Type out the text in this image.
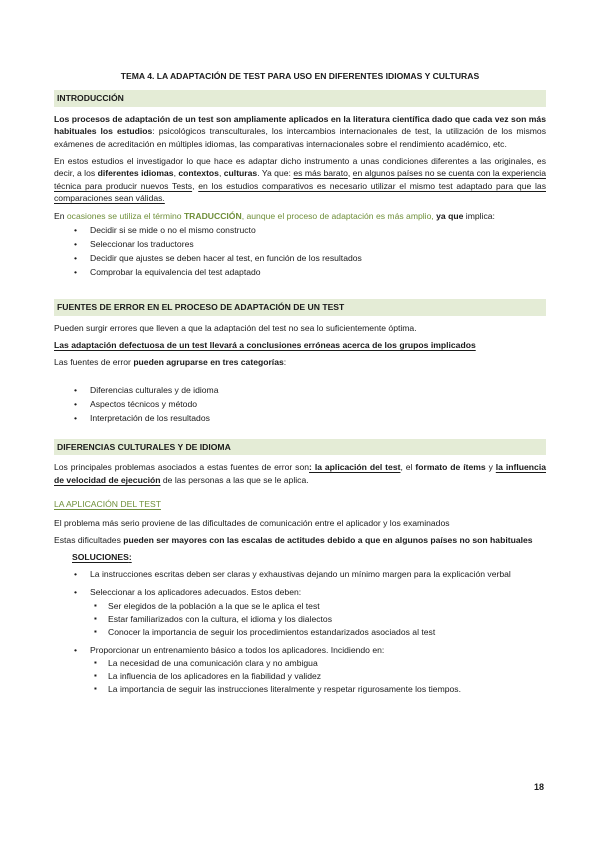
TEMA 4. LA ADAPTACIÓN DE TEST PARA USO EN DIFERENTES IDIOMAS Y CULTURAS
INTRODUCCIÓN

Los procesos de adaptación de un test son ampliamente aplicados en la literatura científica dado que cada vez son más habituales los estudios: psicológicos transculturales, los intercambios internacionales de test, la utilización de los mismos exámenes de acreditación en múltiples idiomas, las comparativas internacionales sobre el rendimiento académico, etc.

En estos estudios el investigador lo que hace es adaptar dicho instrumento a unas condiciones diferentes a las originales, es decir, a los diferentes idiomas, contextos, culturas. Ya que: es más barato, en algunos países no se cuenta con la experiencia técnica para producir nuevos Tests, en los estudios comparativos es necesario utilizar el mismo test adaptado para que las comparaciones sean válidas.

En ocasiones se utiliza el término TRADUCCIÓN, aunque el proceso de adaptación es más amplio, ya que implica:

• Decidir si se mide o no el mismo constructo
• Seleccionar los traductores
• Decidir que ajustes se deben hacer al test, en función de los resultados
• Comprobar la equivalencia del test adaptado
FUENTES DE ERROR EN EL PROCESO DE ADAPTACIÓN DE UN TEST

Pueden surgir errores que lleven a que la adaptación del test no sea lo suficientemente óptima.

Las adaptación defectuosa de un test llevará a conclusiones erróneas acerca de los grupos implicados

Las fuentes de error pueden agruparse en tres categorías:

• Diferencias culturales y de idioma
• Aspectos técnicos y método
• Interpretación de los resultados
DIFERENCIAS CULTURALES Y DE IDIOMA

Los principales problemas asociados a estas fuentes de error son: la aplicación del test, el formato de ítems y la influencia de velocidad de ejecución de las personas a las que se le aplica.

LA APLICACIÓN DEL TEST

El problema más serio proviene de las dificultades de comunicación entre el aplicador y los examinados

Estas dificultades pueden ser mayores con las escalas de actitudes debido a que en algunos países no son habituales

SOLUCIONES:
• La instrucciones escritas deben ser claras y exhaustivas dejando un mínimo margen para la explicación verbal
• Seleccionar a los aplicadores adecuados. Estos deben:
▪ Ser elegidos de la población a la que se le aplica el test
▪ Estar familiarizados con la cultura, el idioma y los dialectos
▪ Conocer la importancia de seguir los procedimientos estandarizados asociados al test
• Proporcionar un entrenamiento básico a todos los aplicadores. Incidiendo en:
▪ La necesidad de una comunicación clara y no ambigua
▪ La influencia de los aplicadores en la fiabilidad y validez
▪ La importancia de seguir las instrucciones literalmente y respetar rigurosamente los tiempos.
18
